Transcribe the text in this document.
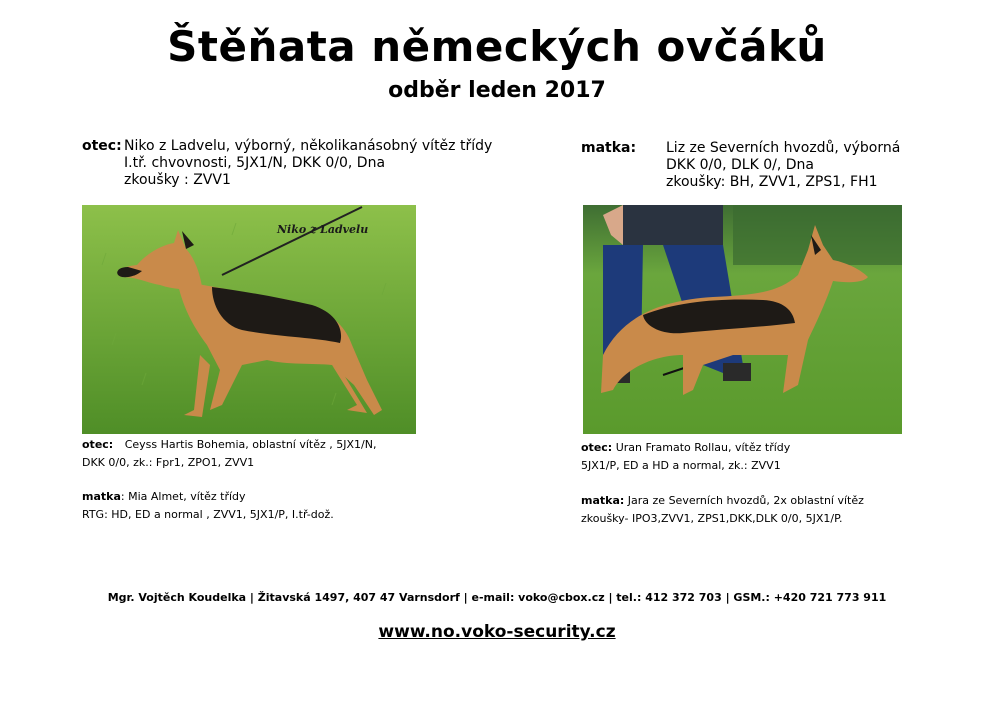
Štěňata německých ovčáků
odběr leden 2017
otec: Niko z Ladvelu, výborný, několikanásobný vítěz třídy
I.tř. chvovnosti, 5JX1/N, DKK 0/0, Dna
zkoušky : ZVV1
matka: Liz ze Severních hvozdů, výborná
DKK 0/0, DLK 0/, Dna
zkoušky: BH, ZVV1, ZPS1, FH1
Niko z Ladvelu
otec: Ceyss Hartis Bohemia, oblastní vítěz , 5JX1/N,
DKK 0/0, zk.: Fpr1, ZPO1, ZVV1
matka: Mia Almet, vítěz třídy
RTG: HD, ED a normal , ZVV1, 5JX1/P, I.tř-dož.
otec: Uran Framato Rollau, vítěz třídy
5JX1/P, ED a HD a normal, zk.: ZVV1
matka: Jara ze Severních hvozdů, 2x oblastní vítěz
zkoušky- IPO3,ZVV1, ZPS1,DKK,DLK 0/0, 5JX1/P.
Mgr. Vojtěch Koudelka | Žitavská 1497, 407 47 Varnsdorf | e-mail: voko@cbox.cz | tel.: 412 372 703 | GSM.: +420 721 773 911
www.no.voko-security.cz
